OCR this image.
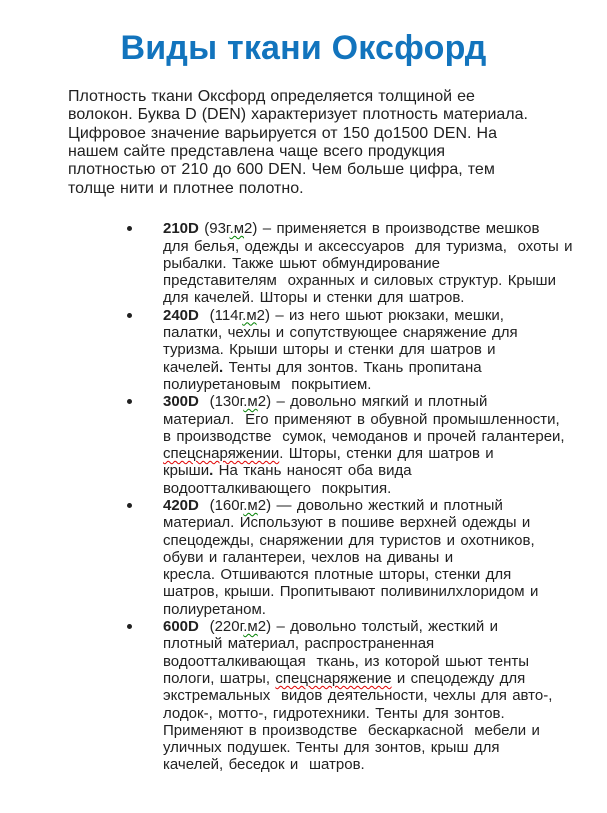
Виды ткани Оксфорд
Плотность ткани Оксфорд определяется толщиной ее
волокон. Буква D (DEN) характеризует плотность материала.
Цифровое значение варьируется от 150 до1500 DEN. На
нашем сайте представлена чаще всего продукция
плотностью от 210 до 600 DEN. Чем больше цифра, тем
толще нити и плотнее полотно.
210D (93г.м2) – применяется в производстве мешков
для белья, одежды и аксессуаров  для туризма,  охоты и
рыбалки. Также шьют обмундирование
представителям  охранных и силовых структур. Крыши
для качелей. Шторы и стенки для шатров.
240D  (114г.м2) – из него шьют рюкзаки, мешки,
палатки, чехлы и сопутствующее снаряжение для
туризма. Крыши шторы и стенки для шатров и
качелей. Тенты для зонтов. Ткань пропитана
полиуретановым  покрытием.
300D  (130г.м2) – довольно мягкий и плотный
материал.  Его применяют в обувной промышленности,
в производстве  сумок, чемоданов и прочей галантереи,
спецснаряжении. Шторы, стенки для шатров и
крыши. На ткань наносят оба вида
водоотталкивающего  покрытия.
420D  (160г.м2) — довольно жесткий и плотный
материал. Используют в пошиве верхней одежды и
спецодежды, снаряжении для туристов и охотников,
обуви и галантереи, чехлов на диваны и
кресла. Отшиваются плотные шторы, стенки для
шатров, крыши. Пропитывают поливинилхлоридом и
полиуретаном.
600D  (220г.м2) – довольно толстый, жесткий и
плотный материал, распространенная
водоотталкивающая  ткань, из которой шьют тенты
пологи, шатры, спецснаряжение и спецодежду для
экстремальных  видов деятельности, чехлы для авто-,
лодок-, мотто-, гидротехники. Тенты для зонтов.
Применяют в производстве  бескаркасной  мебели и
уличных подушек. Тенты для зонтов, крыш для
качелей, беседок и  шатров.
